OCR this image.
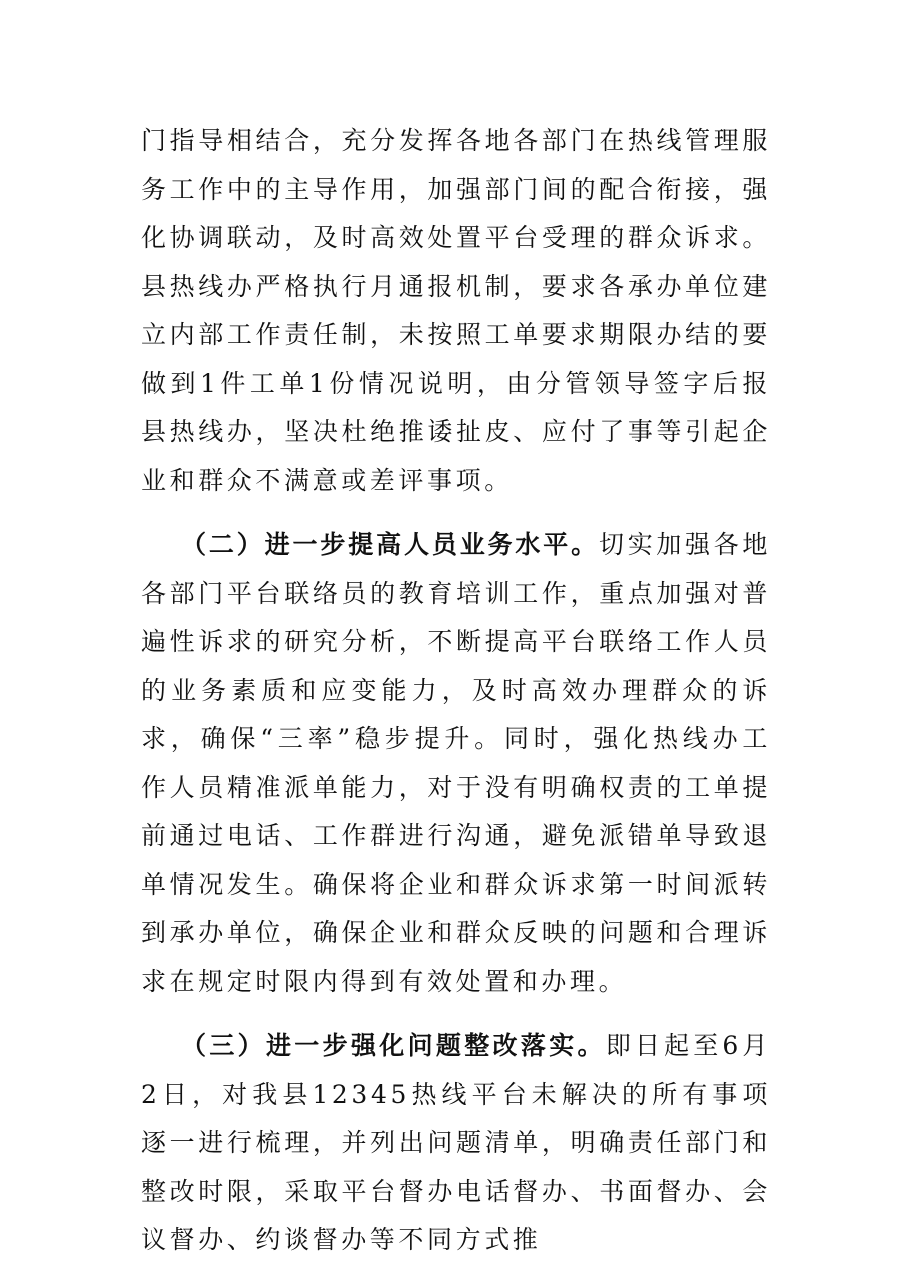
门指导相结合，充分发挥各地各部门在热线管理服务工作中的主导作用，加强部门间的配合衔接，强化协调联动，及时高效处置平台受理的群众诉求。县热线办严格执行月通报机制，要求各承办单位建立内部工作责任制，未按照工单要求期限办结的要做到1件工单1份情况说明，由分管领导签字后报县热线办，坚决杜绝推诿扯皮、应付了事等引起企业和群众不满意或差评事项。

（二）进一步提高人员业务水平。切实加强各地各部门平台联络员的教育培训工作，重点加强对普遍性诉求的研究分析，不断提高平台联络工作人员的业务素质和应变能力，及时高效办理群众的诉求，确保“三率”稳步提升。同时，强化热线办工作人员精准派单能力，对于没有明确权责的工单提前通过电话、工作群进行沟通，避免派错单导致退单情况发生。确保将企业和群众诉求第一时间派转到承办单位，确保企业和群众反映的问题和合理诉求在规定时限内得到有效处置和办理。

（三）进一步强化问题整改落实。即日起至6月2日，对我县12345热线平台未解决的所有事项逐一进行梳理，并列出问题清单，明确责任部门和整改时限，采取平台督办电话督办、书面督办、会议督办、约谈督办等不同方式推
